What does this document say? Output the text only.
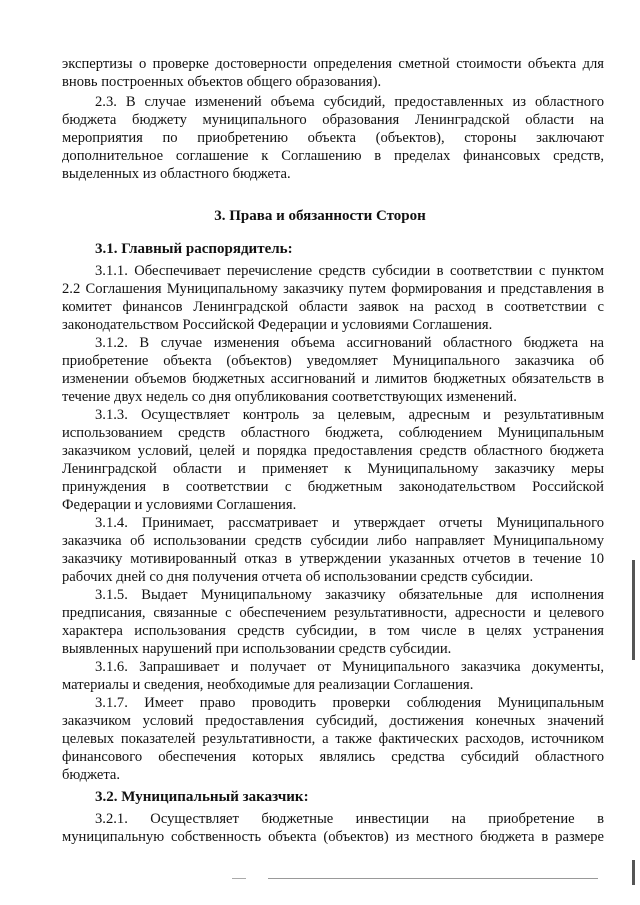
экспертизы о проверке достоверности определения сметной стоимости объекта для
вновь построенных объектов общего образования).
2.3. В случае изменений объема субсидий, предоставленных из областного
бюджета бюджету муниципального образования Ленинградской области на
мероприятия по приобретению объекта (объектов), стороны заключают
дополнительное соглашение к Соглашению в пределах финансовых средств,
выделенных из областного бюджета.
3. Права и обязанности Сторон
3.1. Главный распорядитель:
3.1.1. Обеспечивает перечисление средств субсидии в соответствии с пунктом
2.2 Соглашения Муниципальному заказчику путем формирования и представления в
комитет финансов Ленинградской области заявок на расход в соответствии с
законодательством Российской Федерации и условиями Соглашения.
3.1.2. В случае изменения объема ассигнований областного бюджета на
приобретение объекта (объектов) уведомляет Муниципального заказчика об
изменении объемов бюджетных ассигнований и лимитов бюджетных обязательств в
течение двух недель со дня опубликования соответствующих изменений.
3.1.3. Осуществляет контроль за целевым, адресным и результативным
использованием средств областного бюджета, соблюдением Муниципальным
заказчиком условий, целей и порядка предоставления средств областного бюджета
Ленинградской области и применяет к Муниципальному заказчику меры
принуждения в соответствии с бюджетным законодательством Российской
Федерации и условиями Соглашения.
3.1.4. Принимает, рассматривает и утверждает отчеты Муниципального
заказчика об использовании средств субсидии либо направляет Муниципальному
заказчику мотивированный отказ в утверждении указанных отчетов в течение 10
рабочих дней со дня получения отчета об использовании средств субсидии.
3.1.5. Выдает Муниципальному заказчику обязательные для исполнения
предписания, связанные с обеспечением результативности, адресности и целевого
характера использования средств субсидии, в том числе в целях устранения
выявленных нарушений при использовании средств субсидии.
3.1.6. Запрашивает и получает от Муниципального заказчика документы,
материалы и сведения, необходимые для реализации Соглашения.
3.1.7. Имеет право проводить проверки соблюдения Муниципальным
заказчиком условий предоставления субсидий, достижения конечных значений
целевых показателей результативности, а также фактических расходов, источником
финансового обеспечения которых являлись средства субсидий областного
бюджета.
3.2. Муниципальный заказчик:
3.2.1. Осуществляет бюджетные инвестиции на приобретение в
муниципальную собственность объекта (объектов) из местного бюджета в размере
